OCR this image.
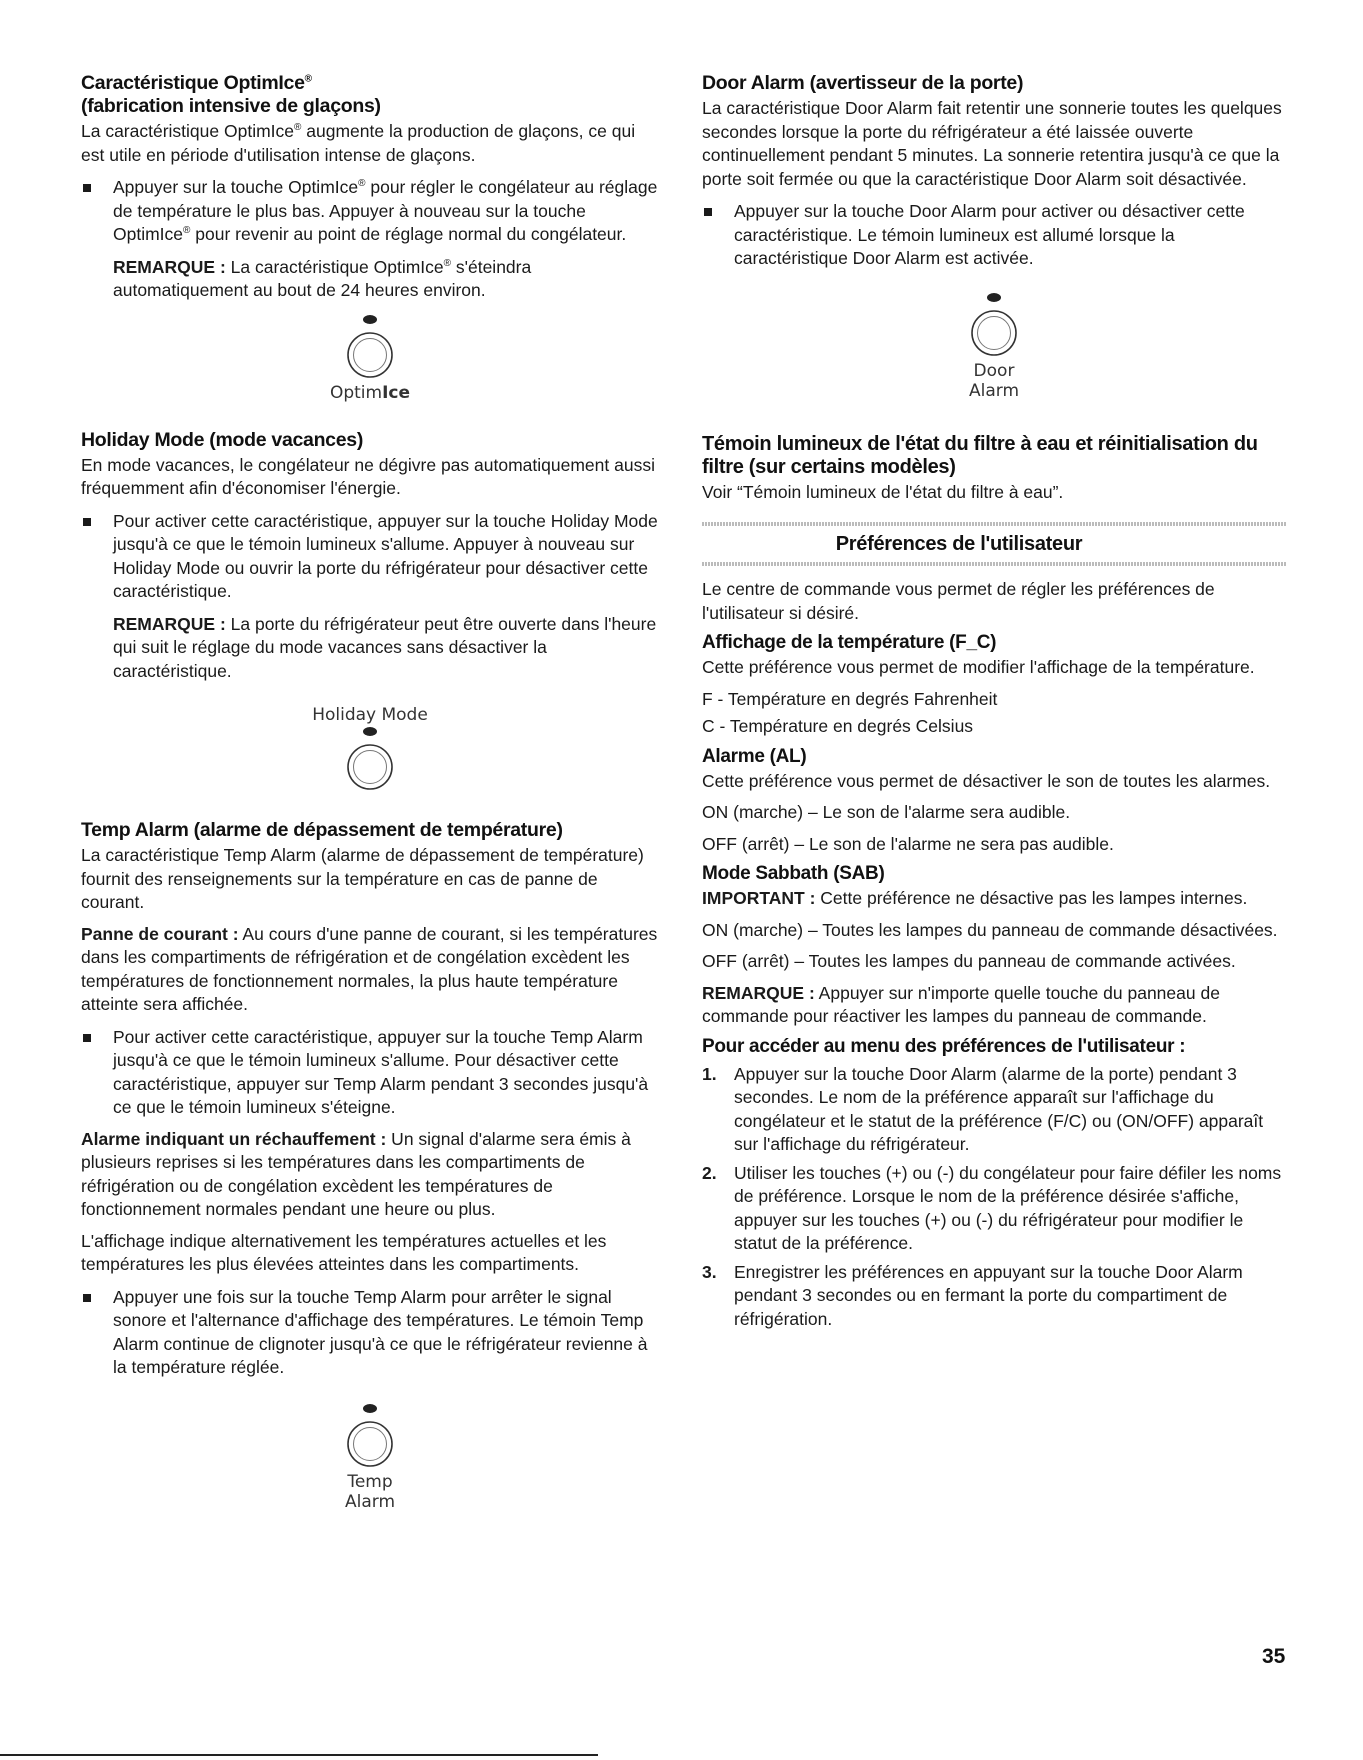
Caractéristique OptimIce®
(fabrication intensive de glaçons)

La caractéristique OptimIce® augmente la production de glaçons, ce qui est utile en période d'utilisation intense de glaçons.

Appuyer sur la touche OptimIce® pour régler le congélateur au réglage de température le plus bas. Appuyer à nouveau sur la touche OptimIce® pour revenir au point de réglage normal du congélateur.
REMARQUE : La caractéristique OptimIce® s'éteindra automatiquement au bout de 24 heures environ.
OptimIce
Holiday Mode (mode vacances)

En mode vacances, le congélateur ne dégivre pas automatiquement aussi fréquemment afin d'économiser l'énergie.

Pour activer cette caractéristique, appuyer sur la touche Holiday Mode jusqu'à ce que le témoin lumineux s'allume. Appuyer à nouveau sur Holiday Mode ou ouvrir la porte du réfrigérateur pour désactiver cette caractéristique.
REMARQUE : La porte du réfrigérateur peut être ouverte dans l'heure qui suit le réglage du mode vacances sans désactiver la caractéristique.
Holiday Mode
Temp Alarm (alarme de dépassement de température)

La caractéristique Temp Alarm (alarme de dépassement de température) fournit des renseignements sur la température en cas de panne de courant.

Panne de courant : Au cours d'une panne de courant, si les températures dans les compartiments de réfrigération et de congélation excèdent les températures de fonctionnement normales, la plus haute température atteinte sera affichée.

Pour activer cette caractéristique, appuyer sur la touche Temp Alarm jusqu'à ce que le témoin lumineux s'allume. Pour désactiver cette caractéristique, appuyer sur Temp Alarm pendant 3 secondes jusqu'à ce que le témoin lumineux s'éteigne.

Alarme indiquant un réchauffement : Un signal d'alarme sera émis à plusieurs reprises si les températures dans les compartiments de réfrigération ou de congélation excèdent les températures de fonctionnement normales pendant une heure ou plus.

L'affichage indique alternativement les températures actuelles et les températures les plus élevées atteintes dans les compartiments.

Appuyer une fois sur la touche Temp Alarm pour arrêter le signal sonore et l'alternance d'affichage des températures. Le témoin Temp Alarm continue de clignoter jusqu'à ce que le réfrigérateur revienne à la température réglée.
Temp
Alarm
Door Alarm (avertisseur de la porte)

La caractéristique Door Alarm fait retentir une sonnerie toutes les quelques secondes lorsque la porte du réfrigérateur a été laissée ouverte continuellement pendant 5 minutes. La sonnerie retentira jusqu'à ce que la porte soit fermée ou que la caractéristique Door Alarm soit désactivée.

Appuyer sur la touche Door Alarm pour activer ou désactiver cette caractéristique. Le témoin lumineux est allumé lorsque la caractéristique Door Alarm est activée.
Door
Alarm
Témoin lumineux de l'état du filtre à eau et réinitialisation du filtre (sur certains modèles)

Voir “Témoin lumineux de l'état du filtre à eau”.

Préférences de l'utilisateur

Le centre de commande vous permet de régler les préférences de l'utilisateur si désiré.

Affichage de la température (F_C)

Cette préférence vous permet de modifier l'affichage de la température.

F - Température en degrés Fahrenheit

C - Température en degrés Celsius

Alarme (AL)

Cette préférence vous permet de désactiver le son de toutes les alarmes.

ON (marche) – Le son de l'alarme sera audible.

OFF (arrêt) – Le son de l'alarme ne sera pas audible.

Mode Sabbath (SAB)

IMPORTANT : Cette préférence ne désactive pas les lampes internes.

ON (marche) – Toutes les lampes du panneau de commande désactivées.

OFF (arrêt) – Toutes les lampes du panneau de commande activées.

REMARQUE : Appuyer sur n'importe quelle touche du panneau de commande pour réactiver les lampes du panneau de commande.

Pour accéder au menu des préférences de l'utilisateur :
1. Appuyer sur la touche Door Alarm (alarme de la porte) pendant 3 secondes. Le nom de la préférence apparaît sur l'affichage du congélateur et le statut de la préférence (F/C) ou (ON/OFF) apparaît sur l'affichage du réfrigérateur.
2. Utiliser les touches (+) ou (-) du congélateur pour faire défiler les noms de préférence. Lorsque le nom de la préférence désirée s'affiche, appuyer sur les touches (+) ou (-) du réfrigérateur pour modifier le statut de la préférence.
3. Enregistrer les préférences en appuyant sur la touche Door Alarm pendant 3 secondes ou en fermant la porte du compartiment de réfrigération.
35
